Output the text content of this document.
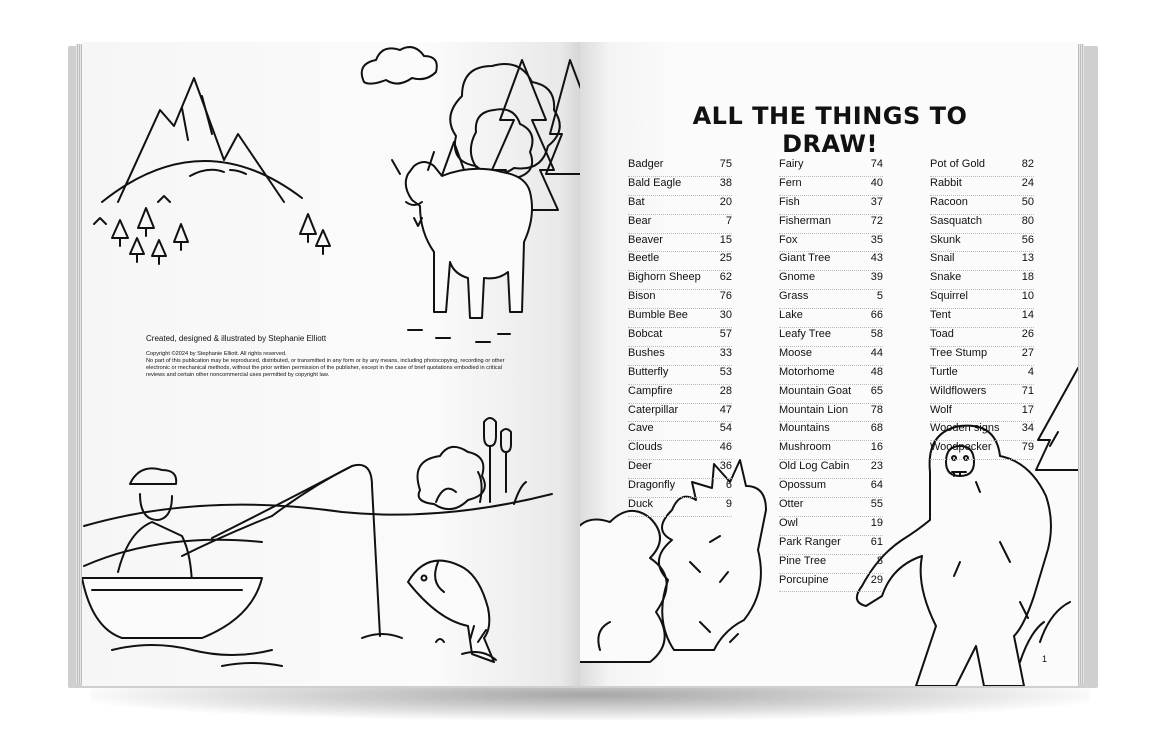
Created, designed & illustrated by Stephanie Elliott
Copyright ©2024 by Stephanie Elliott. All rights reserved.
No part of this publication may be reproduced, distributed, or transmitted in any form or by any means, including photocopying, recording or other electronic or mechanical methods, without the prior written permission of the publisher, except in the case of brief quotations embodied in critical reviews and certain other noncommercial uses permitted by copyright law.
ALL THE THINGS TO DRAW!
Badger	75
Bald Eagle	38
Bat	20
Bear	7
Beaver	15
Beetle	25
Bighorn Sheep 62
Bison	76
Bumble Bee	30
Bobcat	57
Bushes	33
Butterfly	53
Campfire	28
Caterpillar	47
Cave	54
Clouds	46
Deer	36
Dragonfly	6
Duck	9
Fairy	74
Fern	40
Fish	37
Fisherman	72
Fox	35
Giant Tree	43
Gnome	39
Grass	5
Lake	66
Leafy Tree	58
Moose	44
Motorhome	48
Mountain Goat 65
Mountain Lion 78
Mountains	68
Mushroom	16
Old Log Cabin 23
Opossum	64
Otter	55
Owl	19
Park Ranger	61
Pine Tree	8
Porcupine	29
Pot of Gold	82
Rabbit	24
Racoon	50
Sasquatch	80
Skunk	56
Snail	13
Snake	18
Squirrel	10
Tent	14
Toad	26
Tree Stump	27
Turtle	4
Wildflowers	71
Wolf	17
Wooden signs 34
Woodpecker	79
1
